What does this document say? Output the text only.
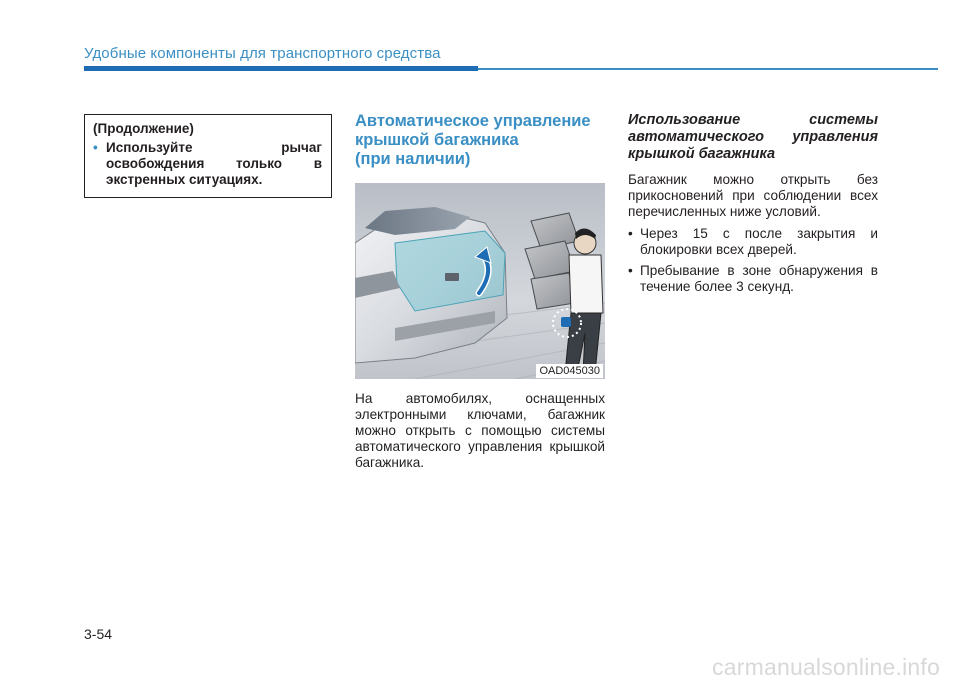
Удобные компоненты для транспортного средства

(Продолжение)

• Используйте рычаг освобождения только в экстренных ситуациях.
Автоматическое управление
крышкой багажника
(при наличии)
OAD045030

На автомобилях, оснащенных электронными ключами, багажник можно открыть с помощью системы автоматического управления крышкой багажника.

Использование системы автоматического управления крышкой багажника

Багажник можно открыть без прикосновений при соблюдении всех перечисленных ниже условий.

• Через 15 с после закрытия и блокировки всех дверей.
• Пребывание в зоне обнаружения в течение более 3 секунд.
3-54
carmanualsonline.info
